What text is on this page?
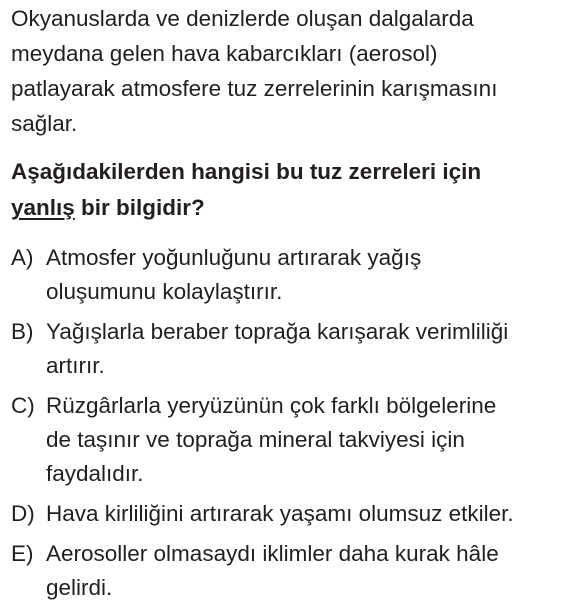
Okyanuslarda ve denizlerde oluşan dalgalarda
meydana gelen hava kabarcıkları (aerosol)
patlayarak atmosfere tuz zerrelerinin karışmasını
sağlar.
Aşağıdakilerden hangisi bu tuz zerreleri için
yanlış bir bilgidir?
A) Atmosfer yoğunluğunu artırarak yağış
oluşumunu kolaylaştırır.
B) Yağışlarla beraber toprağa karışarak verimliliği
artırır.
C) Rüzgârlarla yeryüzünün çok farklı bölgelerine
de taşınır ve toprağa mineral takviyesi için
faydalıdır.
D) Hava kirliliğini artırarak yaşamı olumsuz etkiler.
E) Aerosoller olmasaydı iklimler daha kurak hâle
gelirdi.
